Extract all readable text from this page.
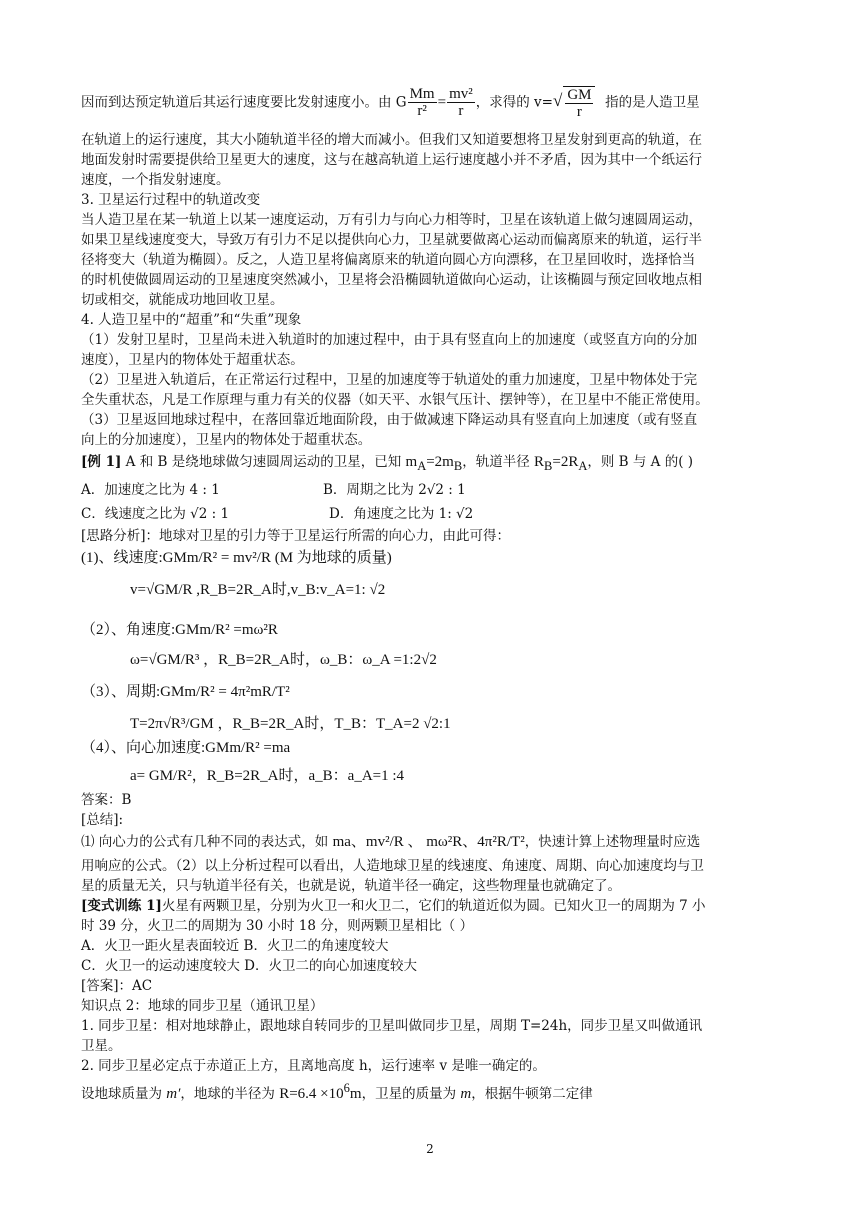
因而到达预定轨道后其运行速度要比发射速度小。由 G $\frac{Mm}{\text{r²}} = \frac{\text{mv²}}{r}$ ，求得的 $v=√ \frac{GM}{r}$ 指的是人造卫星
在轨道上的运行速度，其大小随轨道半径的增大而减小。但我们又知道要想将卫星发射到更高的轨道，在
地面发射时需要提供给卫星更大的速度，这与在越高轨道上运行速度越小并不矛盾，因为其中一个纸运行
速度，一个指发射速度。
3. 卫星运行过程中的轨道改变
当人造卫星在某一轨道上以某一速度运动，万有引力与向心力相等时，卫星在该轨道上做匀速圆周运动，
如果卫星线速度变大，导致万有引力不足以提供向心力，卫星就要做离心运动而偏离原来的轨道，运行半
径将变大（轨道为椭圆）。反之，人造卫星将偏离原来的轨道向圆心方向漂移，在卫星回收时，选择恰当
的时机使做圆周运动的卫星速度突然减小，卫星将会沿椭圆轨道做向心运动，让该椭圆与预定回收地点相
切或相交，就能成功地回收卫星。
4. 人造卫星中的“超重”和“失重”现象
（1）发射卫星时，卫星尚未进入轨道时的加速过程中，由于具有竖直向上的加速度（或竖直方向的分加
速度），卫星内的物体处于超重状态。
（2）卫星进入轨道后，在正常运行过程中，卫星的加速度等于轨道处的重力加速度，卫星中物体处于完
全失重状态，凡是工作原理与重力有关的仪器（如天平、水银气压计、摆钟等），在卫星中不能正常使用。
（3）卫星返回地球过程中，在落回靠近地面阶段，由于做减速下降运动具有竖直向上加速度（或有竖直
向上的分加速度），卫星内的物体处于超重状态。
[例 1] A 和 B 是绕地球做匀速圆周运动的卫星，已知 $m_A=2m_B$，轨道半径 $R_B=2R_A$，则 B 与 A 的( )
A．加速度之比为 4 : 1	B．周期之比为 2√2 : 1
C．线速度之比为 √2 : 1	D．角速度之比为 1: √2
[思路分析]：地球对卫星的引力等于卫星运行所需的向心力，由此可得：
(1)、线速度:GMm/R² = mv²/R (M 为地球的质量)
v=√GM/R ,R_B=2R_A时,v_B:v_A=1: √2
（2）、角速度:GMm/R² =mω²R
ω=√GM/R³ ，R_B=2R_A时，ω_B：ω_A =1:2√2
（3）、周期:GMm/R² = 4π²mR/T²
T=2π√R³/GM ，R_B=2R_A时，T_B：T_A=2 √2:1
（4）、向心加速度:GMm/R² =ma
a= GM/R²，R_B=2R_A时，a_B：a_A=1 :4
答案：B
[总结]:
⑴ 向心力的公式有几种不同的表达式，如 ma、mv²/R 、 mω²R、4π²R/T²，快速计算上述物理量时应选
用响应的公式。（2）以上分析过程可以看出，人造地球卫星的线速度、角速度、周期、向心加速度均与卫
星的质量无关，只与轨道半径有关，也就是说，轨道半径一确定，这些物理量也就确定了。
[变式训练 1]火星有两颗卫星，分别为火卫一和火卫二，它们的轨道近似为圆。已知火卫一的周期为 7 小
时 39 分，火卫二的周期为 30 小时 18 分，则两颗卫星相比（ ）
A．火卫一距火星表面较近 B．火卫二的角速度较大
C．火卫一的运动速度较大 D．火卫二的向心加速度较大
[答案]：AC
知识点 2：地球的同步卫星（通讯卫星）
1. 同步卫星：相对地球静止，跟地球自转同步的卫星叫做同步卫星，周期 T=24h，同步卫星又叫做通讯
卫星。
2. 同步卫星必定点于赤道正上方，且离地高度 h，运行速率 v 是唯一确定的。
设地球质量为 m′，地球的半径为 $R=6.4 \times 10^6m$，卫星的质量为 m，根据牛顿第二定律
2
